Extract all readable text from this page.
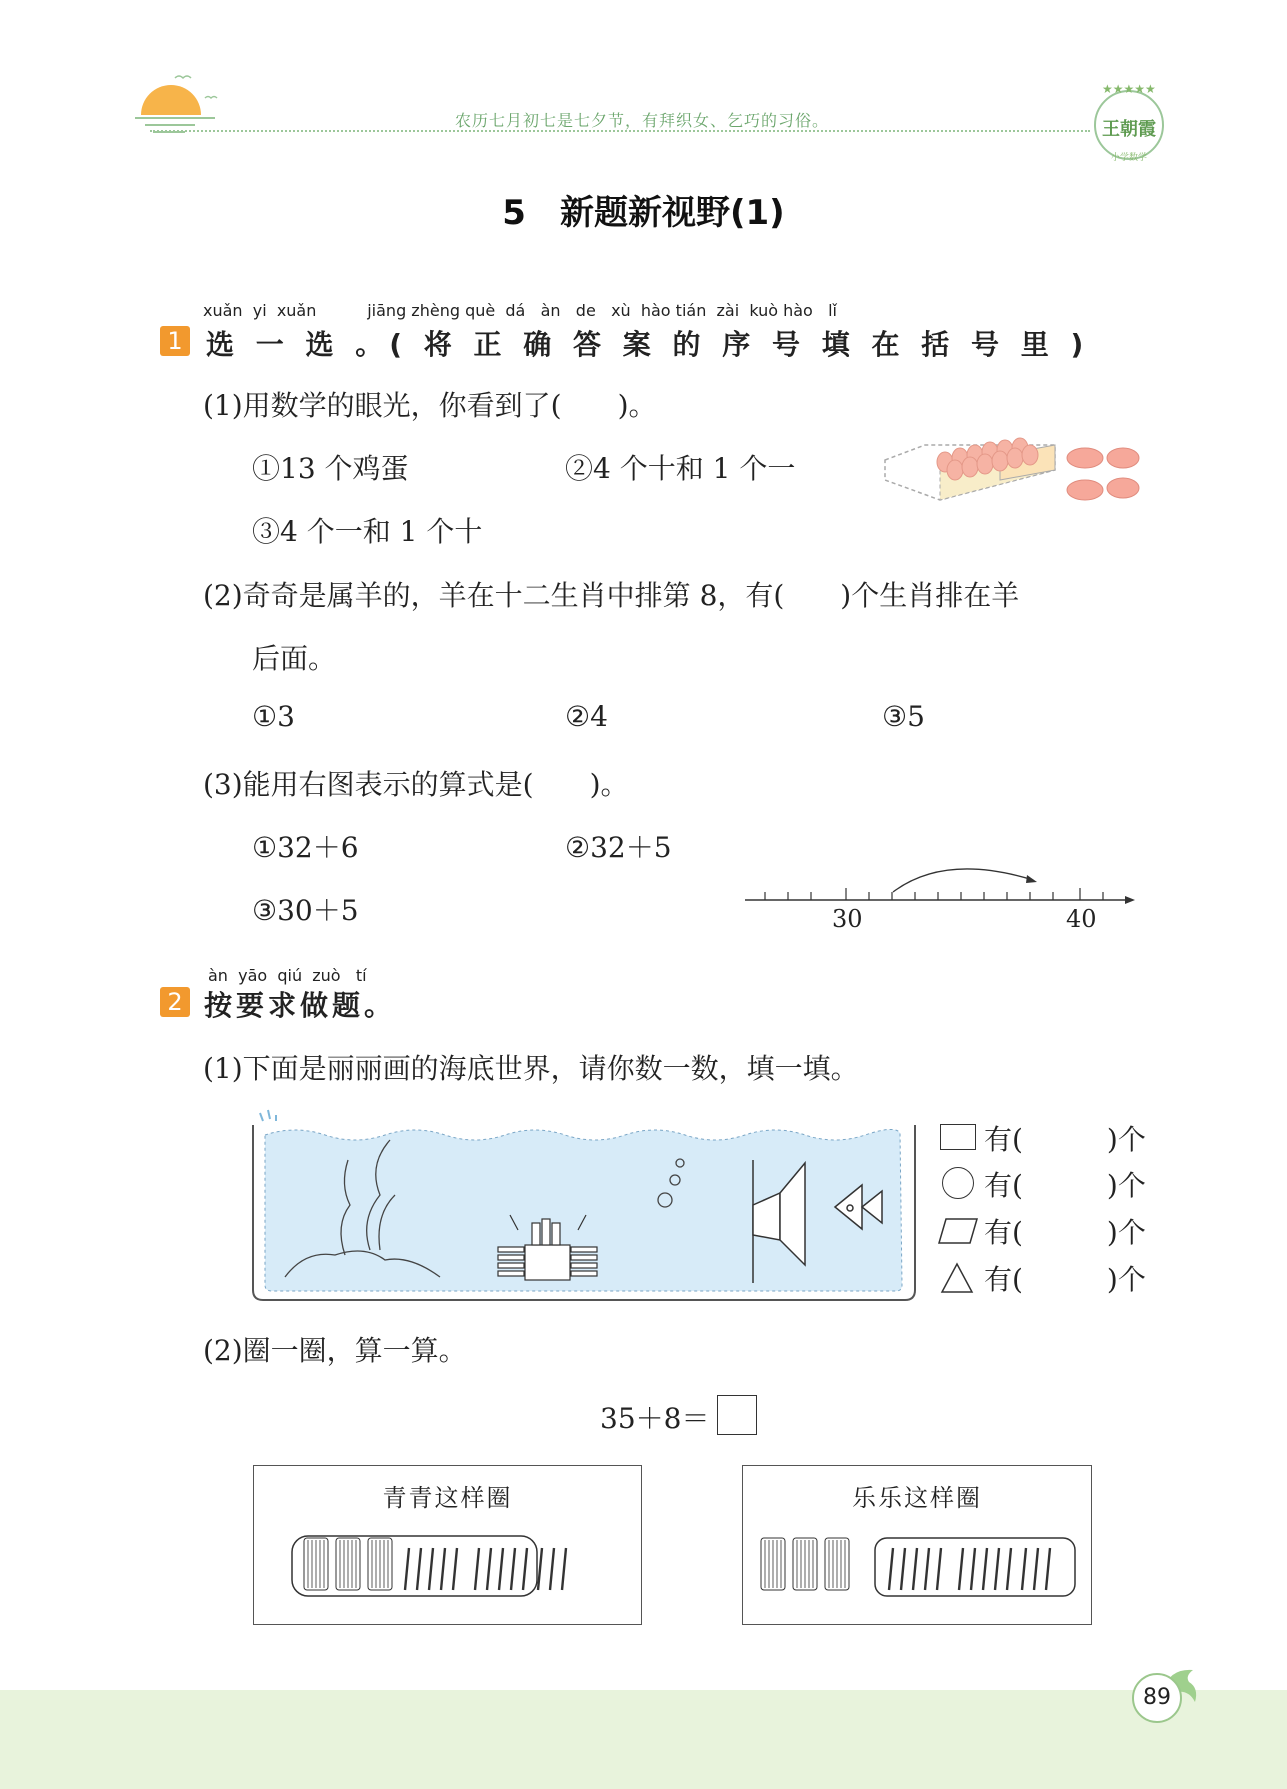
农历七月初七是七夕节，有拜织女、乞巧的习俗。
★★★★★
小学数学
王朝霞
5　新题新视野(1)
xuǎn  yi  xuǎn          jiāng zhèng què  dá   àn   de   xù  hào tián  zài  kuò hào   lǐ
1 选 一 选 。( 将 正 确 答 案 的 序 号 填 在 括 号 里 )
(1)用数学的眼光，你看到了(　　)。
①13 个鸡蛋	②4 个十和 1 个一
③4 个一和 1 个十
(2)奇奇是属羊的，羊在十二生肖中排第 8，有(　　)个生肖排在羊
后面。
①3	②4	③5
(3)能用右图表示的算式是(　　)。
①32＋6	②32＋5
③30＋5	30	40
àn  yāo  qiú  zuò   tí
2 按要求做题。
(1)下面是丽丽画的海底世界，请你数一数，填一填。
有(　　　)个
有(　　　)个
有(　　　)个
有(　　　)个
(2)圈一圈，算一算。
35＋8＝
青青这样圈	乐乐这样圈
89
